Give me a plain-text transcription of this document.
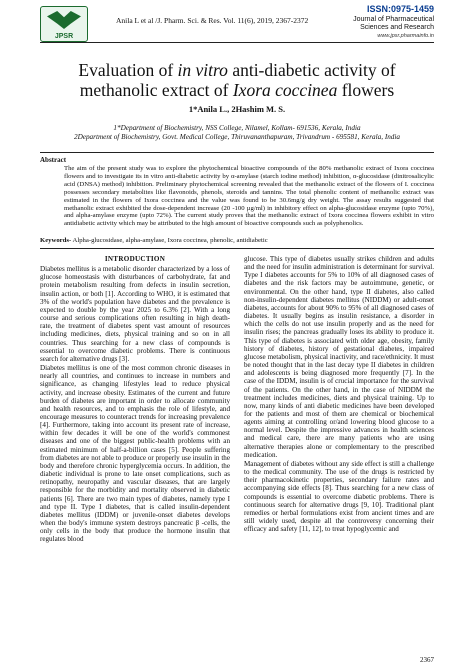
JPSR
Anila L et al /J. Pharm. Sci. & Res. Vol. 11(6), 2019, 2367-2372
ISSN:0975-1459
Journal of Pharmaceutical
Sciences and Research
www.jpsr.pharmainfo.in
Evaluation of in vitro anti-diabetic activity of methanolic extract of Ixora coccinea flowers
1*Anila L., 2Hashim M. S.
1*Department of Biochemistry, NSS College, Nilamel, Kollam- 691536, Kerala, India
2Department of Biochemistry, Govt. Medical College, Thiruvananthapuram, Trivandrum - 695581, Kerala, India
Abstract
The aim of the present study was to explore the phytochemical bioactive compounds of the 80% methanolic extract of Ixora coccinea flowers and to investigate its in vitro anti-diabetic activity by α-amylase (starch iodine method) inhibition, α-glucosidase (dinitrosalicylic acid (DNSA) method) inhibition. Preliminary phytochemical screening revealed that the methanolic extract of the flowers of I. coccinea possesses secondary metabolites like flavonoids, phenols, steroids and tannins. The total phenolic content of methanolic extract was estimated in the flowers of Ixora coccinea and the value was found to be 30.6mg/g dry weight. The assay results suggested that methanolic extract exhibited the dose-dependent increase (20 -100 µg/ml) in inhibitory effect on alpha-glucosidase enzyme (upto 70%), and alpha-amylase enzyme (upto 72%). The current study proves that the methanolic extract of Ixora coccinea flowers exhibit in vitro antidiabetic activity which may be attributed to the high amount of bioactive compounds such as polyphenolics.
Keywords- Alpha-glucosidase, alpha-amylase, Ixora coccinea, phenolic, antidiabetic
INTRODUCTION

Diabetes mellitus is a metabolic disorder characterized by a loss of glucose homeostasis with disturbances of carbohydrate, fat and protein metabolism resulting from defects in insulin secretion, insulin action, or both [1]. According to WHO, it is estimated that 3% of the world's population have diabetes and the prevalence is expected to double by the year 2025 to 6.3% [2]. With a long course and serious complications often resulting in high death-rate, the treatment of diabetes spent vast amount of resources including medicines, diets, physical training and so on in all countries. Thus searching for a new class of compounds is essential to overcome diabetic problems. There is continuous search for alternative drugs [3].

Diabetes mellitus is one of the most common chronic diseases in nearly all countries, and continues to increase in numbers and significance, as changing lifestyles lead to reduce physical activity, and increase obesity. Estimates of the current and future burden of diabetes are important in order to allocate community and health resources, and to emphasis the role of lifestyle, and encourage measures to counteract trends for increasing prevalence [4]. Furthermore, taking into account its present rate of increase, within few decades it will be one of the world's commonest diseases and one of the biggest public-health problems with an estimated minimum of half-a-billion cases [5]. People suffering from diabetes are not able to produce or properly use insulin in the body and therefore chronic hyperglycemia occurs. In addition, the diabetic individual is prone to late onset complications, such as retinopathy, neuropathy and vascular diseases, that are largely responsible for the morbidity and mortality observed in diabetic patients [6]. There are two main types of diabetes, namely type I and type II. Type I diabetes, that is called insulin-dependent diabetes mellitus (IDDM) or juvenile-onset diabetes develops when the body's immune system destroys pancreatic β -cells, the only cells in the body that produce the hormone insulin that regulates blood

glucose. This type of diabetes usually strikes children and adults and the need for insulin administration is determinant for survival. Type I diabetes accounts for 5% to 10% of all diagnosed cases of diabetes and the risk factors may be autoimmune, genetic, or environmental. On the other hand, type II diabetes, also called non-insulin-dependent diabetes mellitus (NIDDM) or adult-onset diabetes, accounts for about 90% to 95% of all diagnosed cases of diabetes. It usually begins as insulin resistance, a disorder in which the cells do not use insulin properly and as the need for insulin rises; the pancreas gradually loses its ability to produce it. This type of diabetes is associated with older age, obesity, family history of diabetes, history of gestational diabetes, impaired glucose metabolism, physical inactivity, and race/ethnicity. It must be noted thought that in the last decay type II diabetes in children and adolescents is being diagnosed more frequently [7]. In the case of the IDDM, insulin is of crucial importance for the survival of the patients. On the other hand, in the case of NIDDM the treatment includes medicines, diets and physical training. Up to now, many kinds of anti diabetic medicines have been developed for the patients and most of them are chemical or biochemical agents aiming at controlling or/and lowering blood glucose to a normal level. Despite the impressive advances in health sciences and medical care, there are many patients who are using alternative therapies alone or complementary to the prescribed medication.

Management of diabetes without any side effect is still a challenge to the medical community. The use of the drugs is restricted by their pharmacokinetic properties, secondary failure rates and accompanying side effects [8]. Thus searching for a new class of compounds is essential to overcome diabetic problems. There is continuous search for alternative drugs [9, 10]. Traditional plant remedies or herbal formulations exist from ancient times and are still widely used, despite all the controversy concerning their efficacy and safety [11, 12], to treat hypoglycemic and

2367
